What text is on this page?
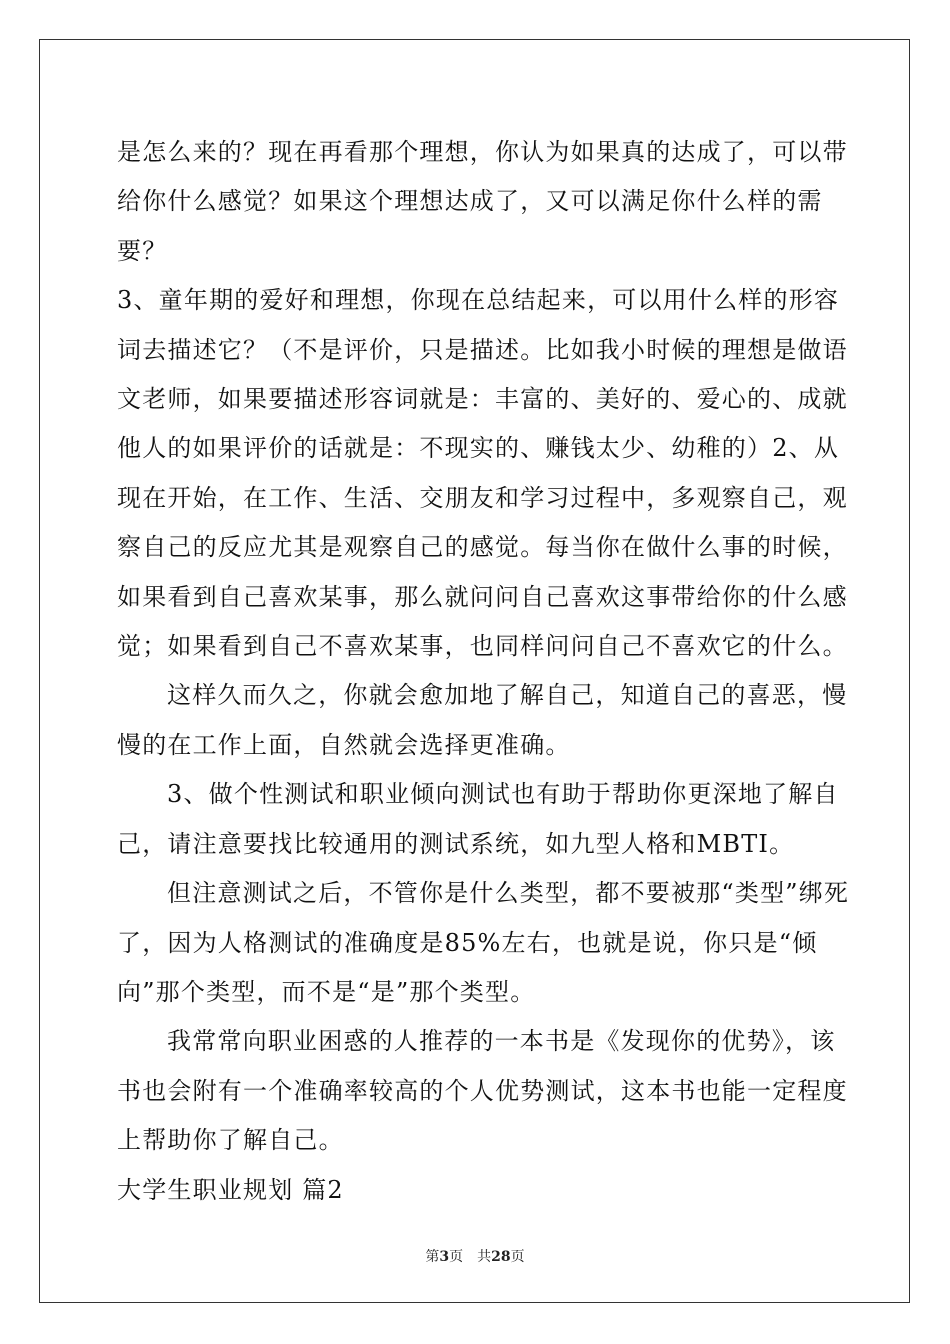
是怎么来的？现在再看那个理想，你认为如果真的达成了，可以带给你什么感觉？如果这个理想达成了，又可以满足你什么样的需要？

3、童年期的爱好和理想，你现在总结起来，可以用什么样的形容词去描述它？（不是评价，只是描述。比如我小时候的理想是做语文老师，如果要描述形容词就是：丰富的、美好的、爱心的、成就他人的如果评价的话就是：不现实的、赚钱太少、幼稚的）2、从现在开始，在工作、生活、交朋友和学习过程中，多观察自己，观察自己的反应尤其是观察自己的感觉。每当你在做什么事的时候，如果看到自己喜欢某事，那么就问问自己喜欢这事带给你的什么感觉；如果看到自己不喜欢某事，也同样问问自己不喜欢它的什么。

这样久而久之，你就会愈加地了解自己，知道自己的喜恶，慢慢的在工作上面，自然就会选择更准确。

3、做个性测试和职业倾向测试也有助于帮助你更深地了解自己，请注意要找比较通用的测试系统，如九型人格和MBTI。

但注意测试之后，不管你是什么类型，都不要被那“类型”绑死了，因为人格测试的准确度是85%左右，也就是说，你只是“倾向”那个类型，而不是“是”那个类型。

我常常向职业困惑的人推荐的一本书是《发现你的优势》，该书也会附有一个准确率较高的个人优势测试，这本书也能一定程度上帮助你了解自己。

大学生职业规划 篇2

第3页 共28页
